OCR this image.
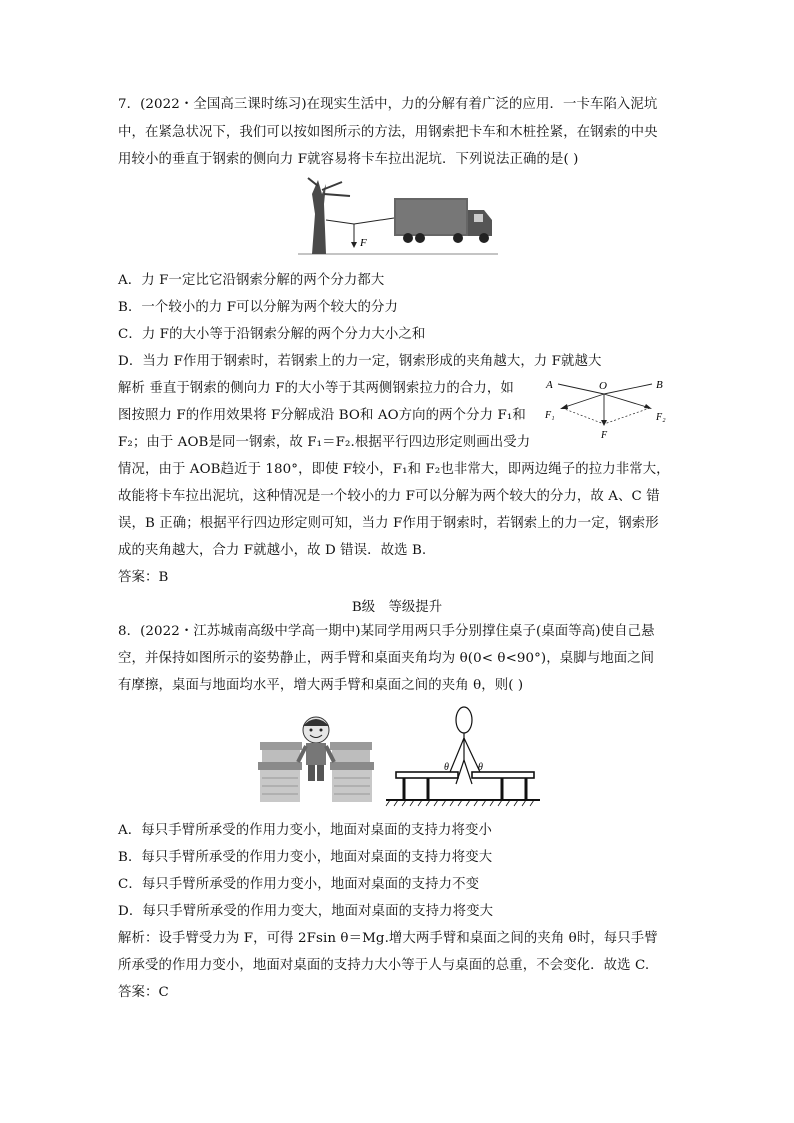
7．(2022・全国高三课时练习)在现实生活中，力的分解有着广泛的应用．一卡车陷入泥坑
中，在紧急状况下，我们可以按如图所示的方法，用钢索把卡车和木桩拴紧，在钢索的中央
用较小的垂直于钢索的侧向力 F就容易将卡车拉出泥坑．下列说法正确的是( )
F
A．力 F一定比它沿钢索分解的两个分力都大
B．一个较小的力 F可以分解为两个较大的分力
C．力 F的大小等于沿钢索分解的两个分力大小之和
D．当力 F作用于钢索时，若钢索上的力一定，钢索形成的夹角越大，力 F就越大
解析 垂直于钢索的侧向力 F的大小等于其两侧钢索拉力的合力，如
图按照力 F的作用效果将 F分解成沿 BO和 AO方向的两个分力 F₁和
F₂；由于 AOB是同一钢索，故 F₁＝F₂.根据平行四边形定则画出受力
A	B
O
F₁	F₂
F
情况，由于 AOB趋近于 180°，即使 F较小，F₁和 F₂也非常大，即两边绳子的拉力非常大，
故能将卡车拉出泥坑，这种情况是一个较小的力 F可以分解为两个较大的分力，故 A、C 错
误，B 正确；根据平行四边形定则可知，当力 F作用于钢索时，若钢索上的力一定，钢索形
成的夹角越大，合力 F就越小，故 D 错误．故选 B.
答案：B
B级　等级提升
8．(2022・江苏城南高级中学高一期中)某同学用两只手分别撑住桌子(桌面等高)使自己悬
空，并保持如图所示的姿势静止，两手臂和桌面夹角均为 θ(0< θ<90°)，桌脚与地面之间
有摩擦，桌面与地面均水平，增大两手臂和桌面之间的夹角 θ，则( )
θ	θ
A．每只手臂所承受的作用力变小，地面对桌面的支持力将变小
B．每只手臂所承受的作用力变小，地面对桌面的支持力将变大
C．每只手臂所承受的作用力变小，地面对桌面的支持力不变
D．每只手臂所承受的作用力变大，地面对桌面的支持力将变大
解析：设手臂受力为 F，可得 2Fsin θ＝Mg.增大两手臂和桌面之间的夹角 θ时，每只手臂
所承受的作用力变小，地面对桌面的支持力大小等于人与桌面的总重，不会变化．故选 C.
答案：C
